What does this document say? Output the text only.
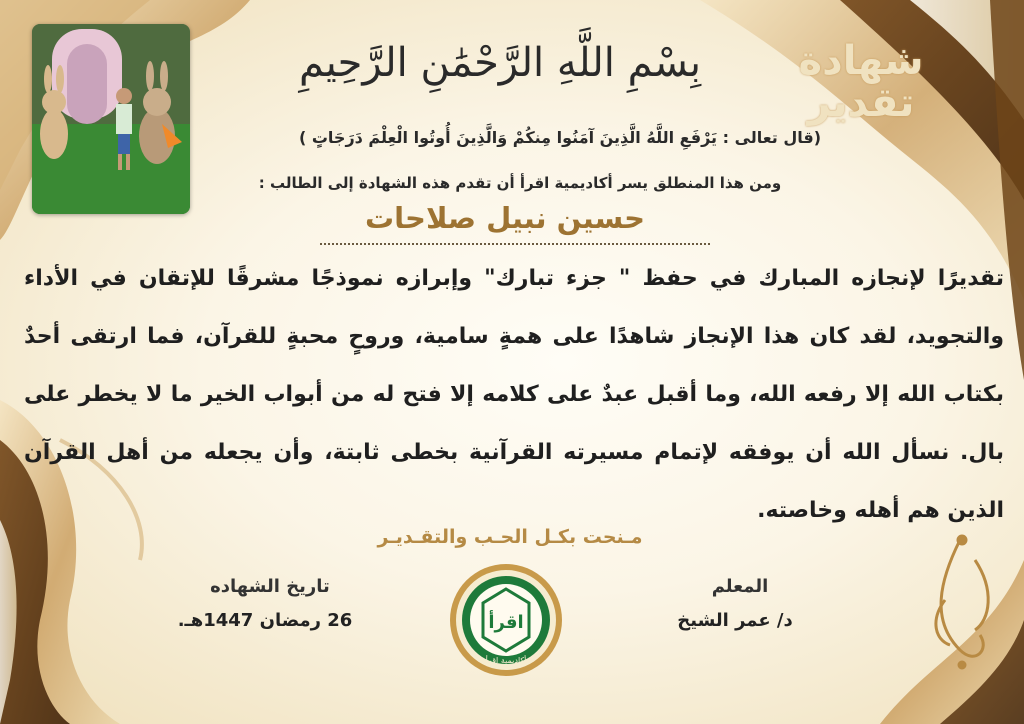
شهادة
تقدير
بِسْمِ اللَّهِ الرَّحْمَٰنِ الرَّحِيمِ
(قال تعالى : يَرْفَعِ اللَّهُ الَّذِينَ آمَنُوا مِنكُمْ وَالَّذِينَ أُوتُوا الْعِلْمَ دَرَجَاتٍ )
ومن هذا المنطلق يسر أكاديمية اقرأ أن تقدم هذه الشهادة إلى الطالب :
حسين نبيل صلاحات

تقديرًا لإنجازه المبارك في حفظ " جزء تبارك" وإبرازه نموذجًا مشرقًا للإتقان في الأداء والتجويد، لقد كان هذا الإنجاز شاهدًا على همةٍ سامية، وروحٍ محبةٍ للقرآن، فما ارتقى أحدٌ بكتاب الله إلا رفعه الله، وما أقبل عبدٌ على كلامه إلا فتح له من أبواب الخير ما لا يخطر على بال. نسأل الله أن يوفقه لإتمام مسيرته القرآنية بخطى ثابتة، وأن يجعله من أهل القرآن الذين هم أهله وخاصته.

مـنحت بكـل الحـب والتقـديـر
المعلم
د/ عمر الشيخ
تاريخ الشهاده
26 رمضان 1447هـ.	اقرأ
أكاديمية اقرأ
